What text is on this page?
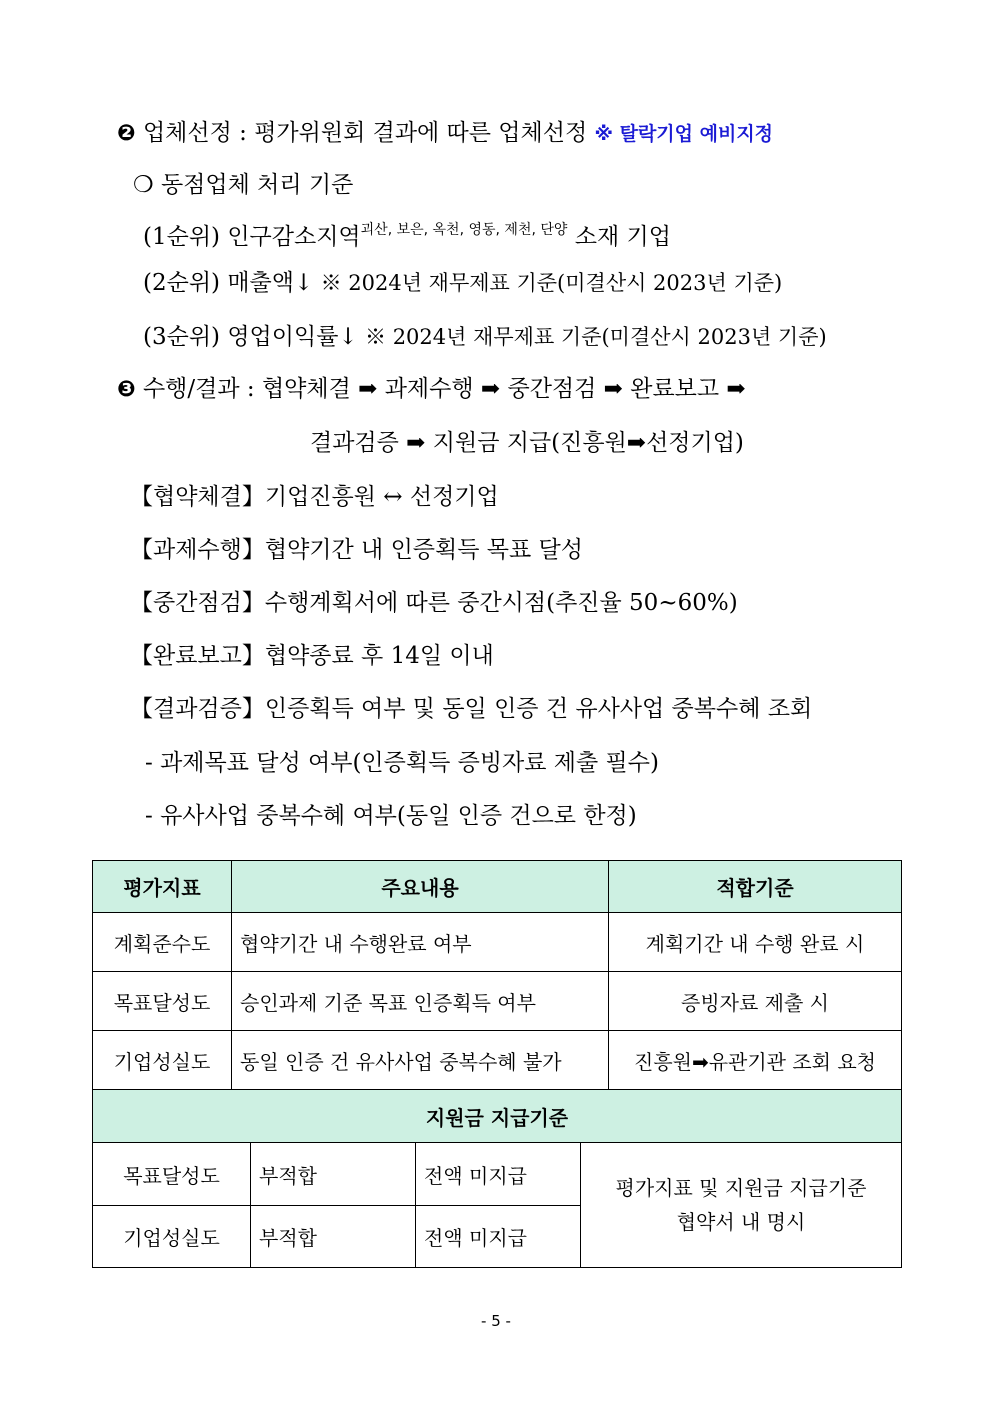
❷ 업체선정 : 평가위원회 결과에 따른 업체선정 ※ 탈락기업 예비지정
❍ 동점업체 처리 기준
(1순위) 인구감소지역$^{괴산, 보은, 옥천, 영동, 제천, 단양}$ 소재 기업
(2순위) 매출액↓ ※ 2024년 재무제표 기준(미결산시 2023년 기준)
(3순위) 영업이익률↓ ※ 2024년 재무제표 기준(미결산시 2023년 기준)
❸ 수행/결과 : 협약체결 ➡ 과제수행 ➡ 중간점검 ➡ 완료보고 ➡
결과검증 ➡ 지원금 지급(진흥원➡선정기업)
【협약체결】기업진흥원 ↔ 선정기업
【과제수행】협약기간 내 인증획득 목표 달성
【중간점검】수행계획서에 따른 중간시점(추진율 50~60%)
【완료보고】협약종료 후 14일 이내
【결과검증】인증획득 여부 및 동일 인증 건 유사사업 중복수혜 조회
- 과제목표 달성 여부(인증획득 증빙자료 제출 필수)
- 유사사업 중복수혜 여부(동일 인증 건으로 한정)
평가지표	주요내용	적합기준
계획준수도	협약기간 내 수행완료 여부	계획기간 내 수행 완료 시
목표달성도	승인과제 기준 목표 인증획득 여부	증빙자료 제출 시
기업성실도	동일 인증 건 유사사업 중복수혜 불가	진흥원➡유관기관 조회 요청
지원금 지급기준			
목표달성도	부적합	전액 미지급	평가지표 및 지원금 지급기준
협약서 내 명시

기업성실도	부적합	전액 미지급	
- 5 -
